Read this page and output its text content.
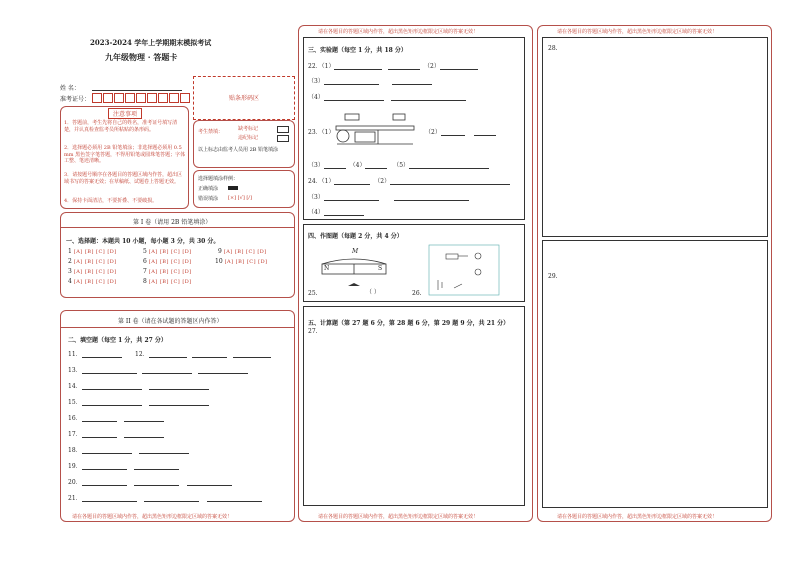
2023-2024 学年上学期期末模拟考试
九年级物理 · 答题卡
姓 名：
准考证号：	贴条形码区
注意事项
1．答题前，考生先将自己的姓名，准考证号填写清楚，并认真检查监考员所粘贴的条形码。
2．选择题必须用 2B 铅笔填涂；非选择题必须用 0.5 mm 黑色签字笔答题，不得用铅笔或圆珠笔答题；字体工整、笔迹清晰。
3．请按题号顺序在各题目的答题区域内作答，超出区域书写的答案无效；在草稿纸、试题卷上答题无效。
4．保持卡面清洁，不要折叠、不要破损。
考生禁填：	缺考标记
违纪标记
以上标志由监考人员用 2B 铅笔填涂
选择题填涂样例：
正确填涂
错误填涂 [×] [√] [/]
第 I 卷（请用 2B 铅笔填涂）
一、选择题：本题共 10 小题，每小题 3 分，共 30 分。
1 [A] [B] [C] [D]
2 [A] [B] [C] [D]
3 [A] [B] [C] [D]
4 [A] [B] [C] [D]
5 [A] [B] [C] [D]
6 [A] [B] [C] [D]
7 [A] [B] [C] [D]
8 [A] [B] [C] [D]
9 [A] [B] [C] [D]
10 [A] [B] [C] [D]
第 II 卷（请在各试题的答题区内作答）
二、填空题（每空 1 分，共 27 分）
11．	12．
13．
14．
15．
16．
17．
18．
19．
20．
21．
请在各题目的答题区域内作答，超出黑色矩形边框限定区域的答案无效！
请在各题目的答题区域内作答，超出黑色矩形边框限定区域的答案无效！
请在各题目的答题区域内作答，超出黑色矩形边框限定区域的答案无效！
三、实验题（每空 1 分，共 18 分）
22．（1）	（2）
（3）
（4）
23．（1）	（2）
（3）	（4）	（5）
24．（1）	（2）
（3）
（4）
四、作图题（每题 2 分，共 4 分）
M
N	S
25.	（ ）	26.
五、计算题（第 27 题 6 分，第 28 题 6 分，第 29 题 9 分，共 21 分）
27.
请在各题目的答题区域内作答，超出黑色矩形边框限定区域的答案无效！
请在各题目的答题区域内作答，超出黑色矩形边框限定区域的答案无效！
28.
29.
